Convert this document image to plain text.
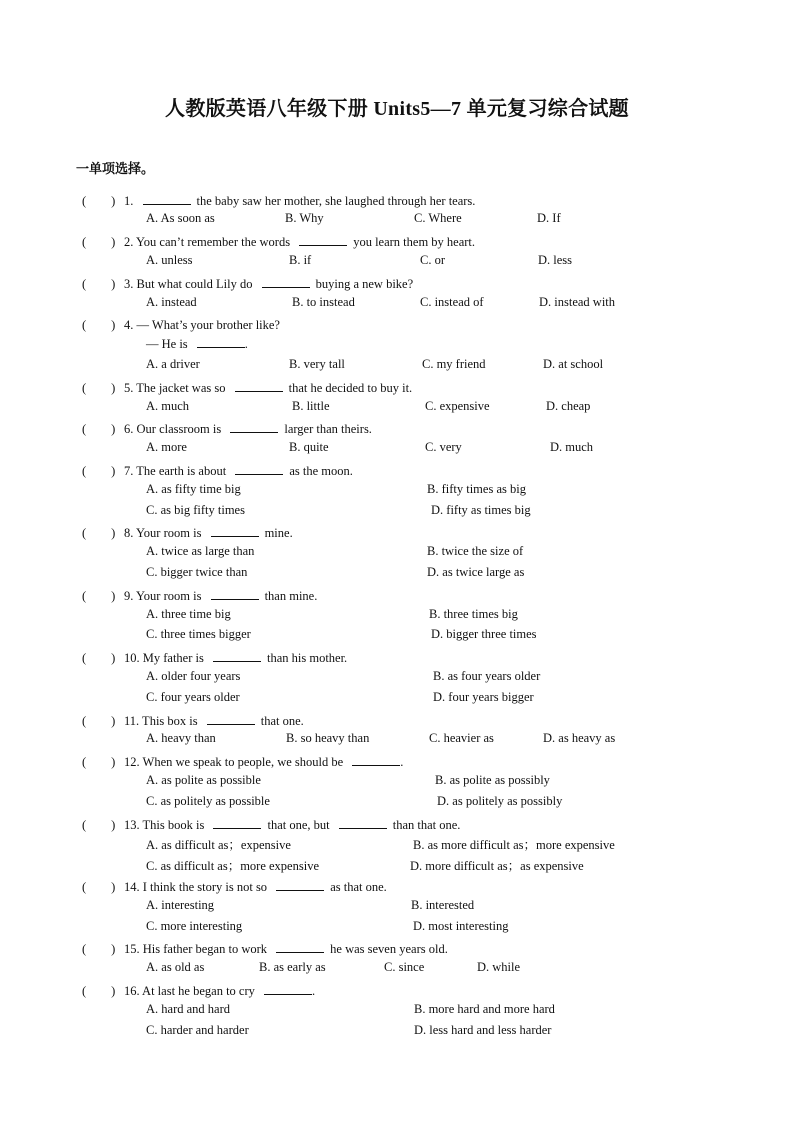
人教版英语八年级下册 Units5—7 单元复习综合试题
一单项选择。
(　　) 1.	the baby saw her mother, she laughed through her tears.
A. As soon as	B. Why	C. Where	D. If
(　　) 2. You can’t remember the words	you learn them by heart.
A. unless	B. if	C. or	D. less
(　　) 3. But what could Lily do	buying a new bike?
A. instead	B. to instead	C. instead of	D. instead with
(　　) 4. — What’s your brother like?
— He is	.
A. a driver	B. very tall	C. my friend	D. at school
(　　) 5. The jacket was so	that he decided to buy it.
A. much	B. little	C. expensive	D. cheap
(　　) 6. Our classroom is	larger than theirs.
A. more	B. quite	C. very	D. much
(　　) 7. The earth is about	as the moon.
A. as fifty time big	B. fifty times as big
C. as big fifty times	D. fifty as times big
(　　) 8. Your room is	mine.
A. twice as large than	B. twice the size of
C. bigger twice than	D. as twice large as
(　　) 9. Your room is	than mine.
A. three time big	B. three times big
C. three times bigger	D. bigger three times
(　　) 10. My father is	than his mother.
A. older four years	B. as four years older
C. four years older	D. four years bigger
(　　) 11. This box is	that one.
A. heavy than	B. so heavy than	C. heavier as	D. as heavy as
(　　) 12. When we speak to people, we should be	.
A. as polite as possible	B. as polite as possibly
C. as politely as possible	D. as politely as possibly
(　　) 13. This book is	that one, but	than that one.
A. as difficult as；expensive	B. as more difficult as；more expensive
C. as difficult as；more expensive	D. more difficult as；as expensive
(　　) 14. I think the story is not so	as that one.
A. interesting	B. interested
C. more interesting	D. most interesting
(　　) 15. His father began to work	he was seven years old.
A. as old as	B. as early as	C. since	D. while
(　　) 16. At last he began to cry	.
A. hard and hard	B. more hard and more hard
C. harder and harder	D. less hard and less harder
